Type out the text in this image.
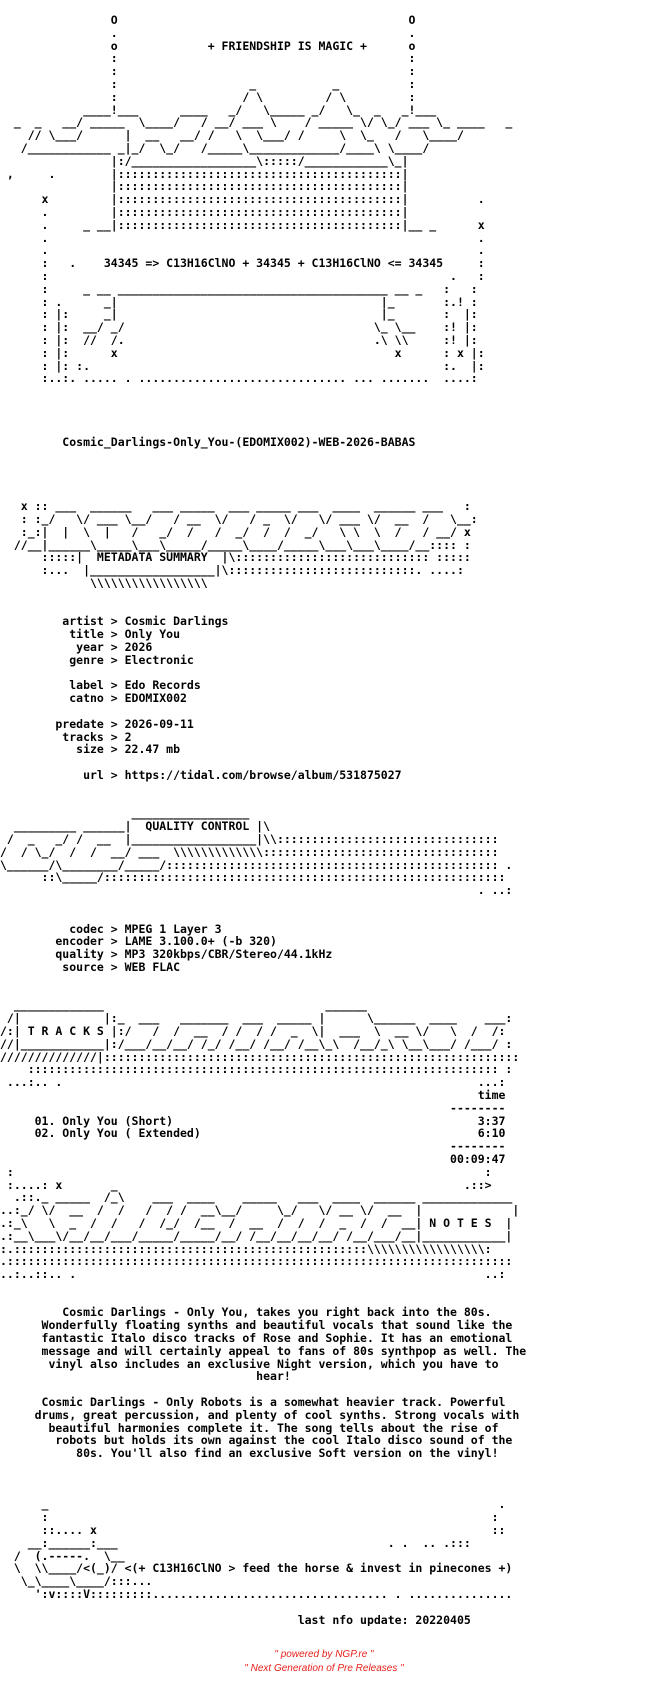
O                                          O
.                                          .
o             + FRIENDSHIP IS MAGIC +      o
:                                          :
:                                          :
:                   _           _          :
:                  / \         / \         :
____!___      ____   _/   \_____ _/   \_  _   _!___
_  _   __/ _____  \____/   / __/ ___ \    / _____ \/ \_/ ___ \_ ____   _
// \___/      |  __   __/ /   \  \___/ /     \  \_   /   \____/
/____________ _|_/  \_/   /_____\_____________/____\ \____/
|:/__________________\:::::/____________\_|
,     .        |:::::::::::::::::::::::::::::::::::::::::|
|:::::::::::::::::::::::::::::::::::::::::|
x         |:::::::::::::::::::::::::::::::::::::::::|          .
.         |:::::::::::::::::::::::::::::::::::::::::|
.     _ __|:::::::::::::::::::::::::::::::::::::::::|__ _      x
.                                                              .
.                                                              .
:   .    34345 => C13H16ClNO + 34345 + C13H16ClNO <= 34345     :
:                                                          .   :
:     _ __ _______________________________________ __ _   :   :
: .      _|                                      |_       :.! :
: |:     _|                                      |_       :  |:
: |:  __/ _/                                    \_ \__    :! |:
: |:  //  /.                                    .\ \\     :! |:
: |:      x                                        x      : x |:
: |: :.                                                   :.  |:
:..:. ..... . .............................. ... .......  ....:

Cosmic_Darlings-Only_You-(EDOMIX002)-WEB-2026-BABAS

x :: ___  ______   ___ _____  ___ _____ ___  ____  ______ ___   :
: :_/   \/ ___ \__/   / __  \/   / _  \/   \/ ___ \/  __  /   \__:
:_:|  |  \  |   /   _/  /   /  _/  /  /  _/   \ \  \  /   / __/ x
//__|______\_____\___\_____/_____\____/_____\___\___\____/__:::: :
:::::|  METADATA SUMMARY  |\:::::::::::::::::::::::::::: :::::
:...  |__________________|\:::::::::::::::::::::::::::. ....:
\\\\\\\\\\\\\\\\\

artist > Cosmic Darlings
title > Only You
year > 2026
genre > Electronic

label > Edo Records
catno > EDOMIX002

predate > 2026-09-11
tracks > 2
size > 22.47 mb

url > https://tidal.com/browse/album/531875027

_________________
_________ ______|  QUALITY CONTROL |\
/  _   _/ /  __  |__________________|\\::::::::::::::::::::::::::::::::
/  / \_/  /  /  __/ ___  \\\\\\\\\\\\\::::::::::::::::::::::::::::::::::
\______/\________/_____/:::::::::::::::::::::::::::::::::::::::::::::::: .
::\_____/::::::::::::::::::::::::::::::::::::::::::::::::::::::::::
. ..:

codec > MPEG 1 Layer 3
encoder > LAME 3.100.0+ (-b 320)
quality > MP3 320kbps/CBR/Stereo/44.1kHz
source > WEB FLAC

_____________                                ______
/|            |:_  ___   _______  ___  _____ |      \______  ____    ___:
/:| T R A C K S |:/   /  /  __  / /  / /  _  \|  ___  \  __ \/   \  /  /:
//|____________|:/___/__/__/ /_/ /__/ /__/ /__\_\  /__/_\ \__\___/ /___/ :
//////////////|::::::::::::::::::::::::::::::::::::::::::::::::::::::::::::
:::::::::::::::::::::::::::::::::::::::::::::::::::::::::::::::::::: :
...:.. .                                                            ...:
time
--------
01. Only You (Short)                                            3:37
02. Only You ( Extended)                                        6:10
--------
00:09:47
:                                                                    :
:....: x       _                                                  .::>
.::._ _____  /_\    ___  ____    _____   ___  ____  ______ _____________
..:_/ \/  __  /  /   /  / /  __\__/     \_/   \/ __ \/  __  |             |
.:_\   \  _  /  /   /  /_/  /__  /  __  /  /  /  _  /  /  __| N O T E S  |
.:__\___\/__/__/___/_____/_____/__/ /__/__/__/__/ /__/___/__|____________|
:.:::::::::::::::::::::::::::::::::::::::::::::::::::\\\\\\\\\\\\\\\\\:
.:::::::::::::::::::::::::::::::::::::::::::::::::::::::::::::::::::::::::
..:..::.. .                                                           ..:

Cosmic Darlings - Only You, takes you right back into the 80s.
Wonderfully floating synths and beautiful vocals that sound like the
fantastic Italo disco tracks of Rose and Sophie. It has an emotional
message and will certainly appeal to fans of 80s synthpop as well. The
vinyl also includes an exclusive Night version, which you have to
hear!

Cosmic Darlings - Only Robots is a somewhat heavier track. Powerful
drums, great percussion, and plenty of cool synths. Strong vocals with
beautiful harmonies complete it. The song tells about the rise of
robots but holds its own against the cool Italo disco sound of the
80s. You'll also find an exclusive Soft version on the vinyl!

_                                                                 .
:                                                                :
::.... x                                                         ::
__:______:___                                       . .  .. .:::
/  (.-----.  \__
\  \\____/<(_)/ <(+ C13H16ClNO > feed the horse & invest in pinecones +)
\_\____\____/:::...
':v::::V:::::::::.................................. . ...............

last nfo update: 20220405
" powered by NGP.re "
" Next Generation of Pre Releases "
